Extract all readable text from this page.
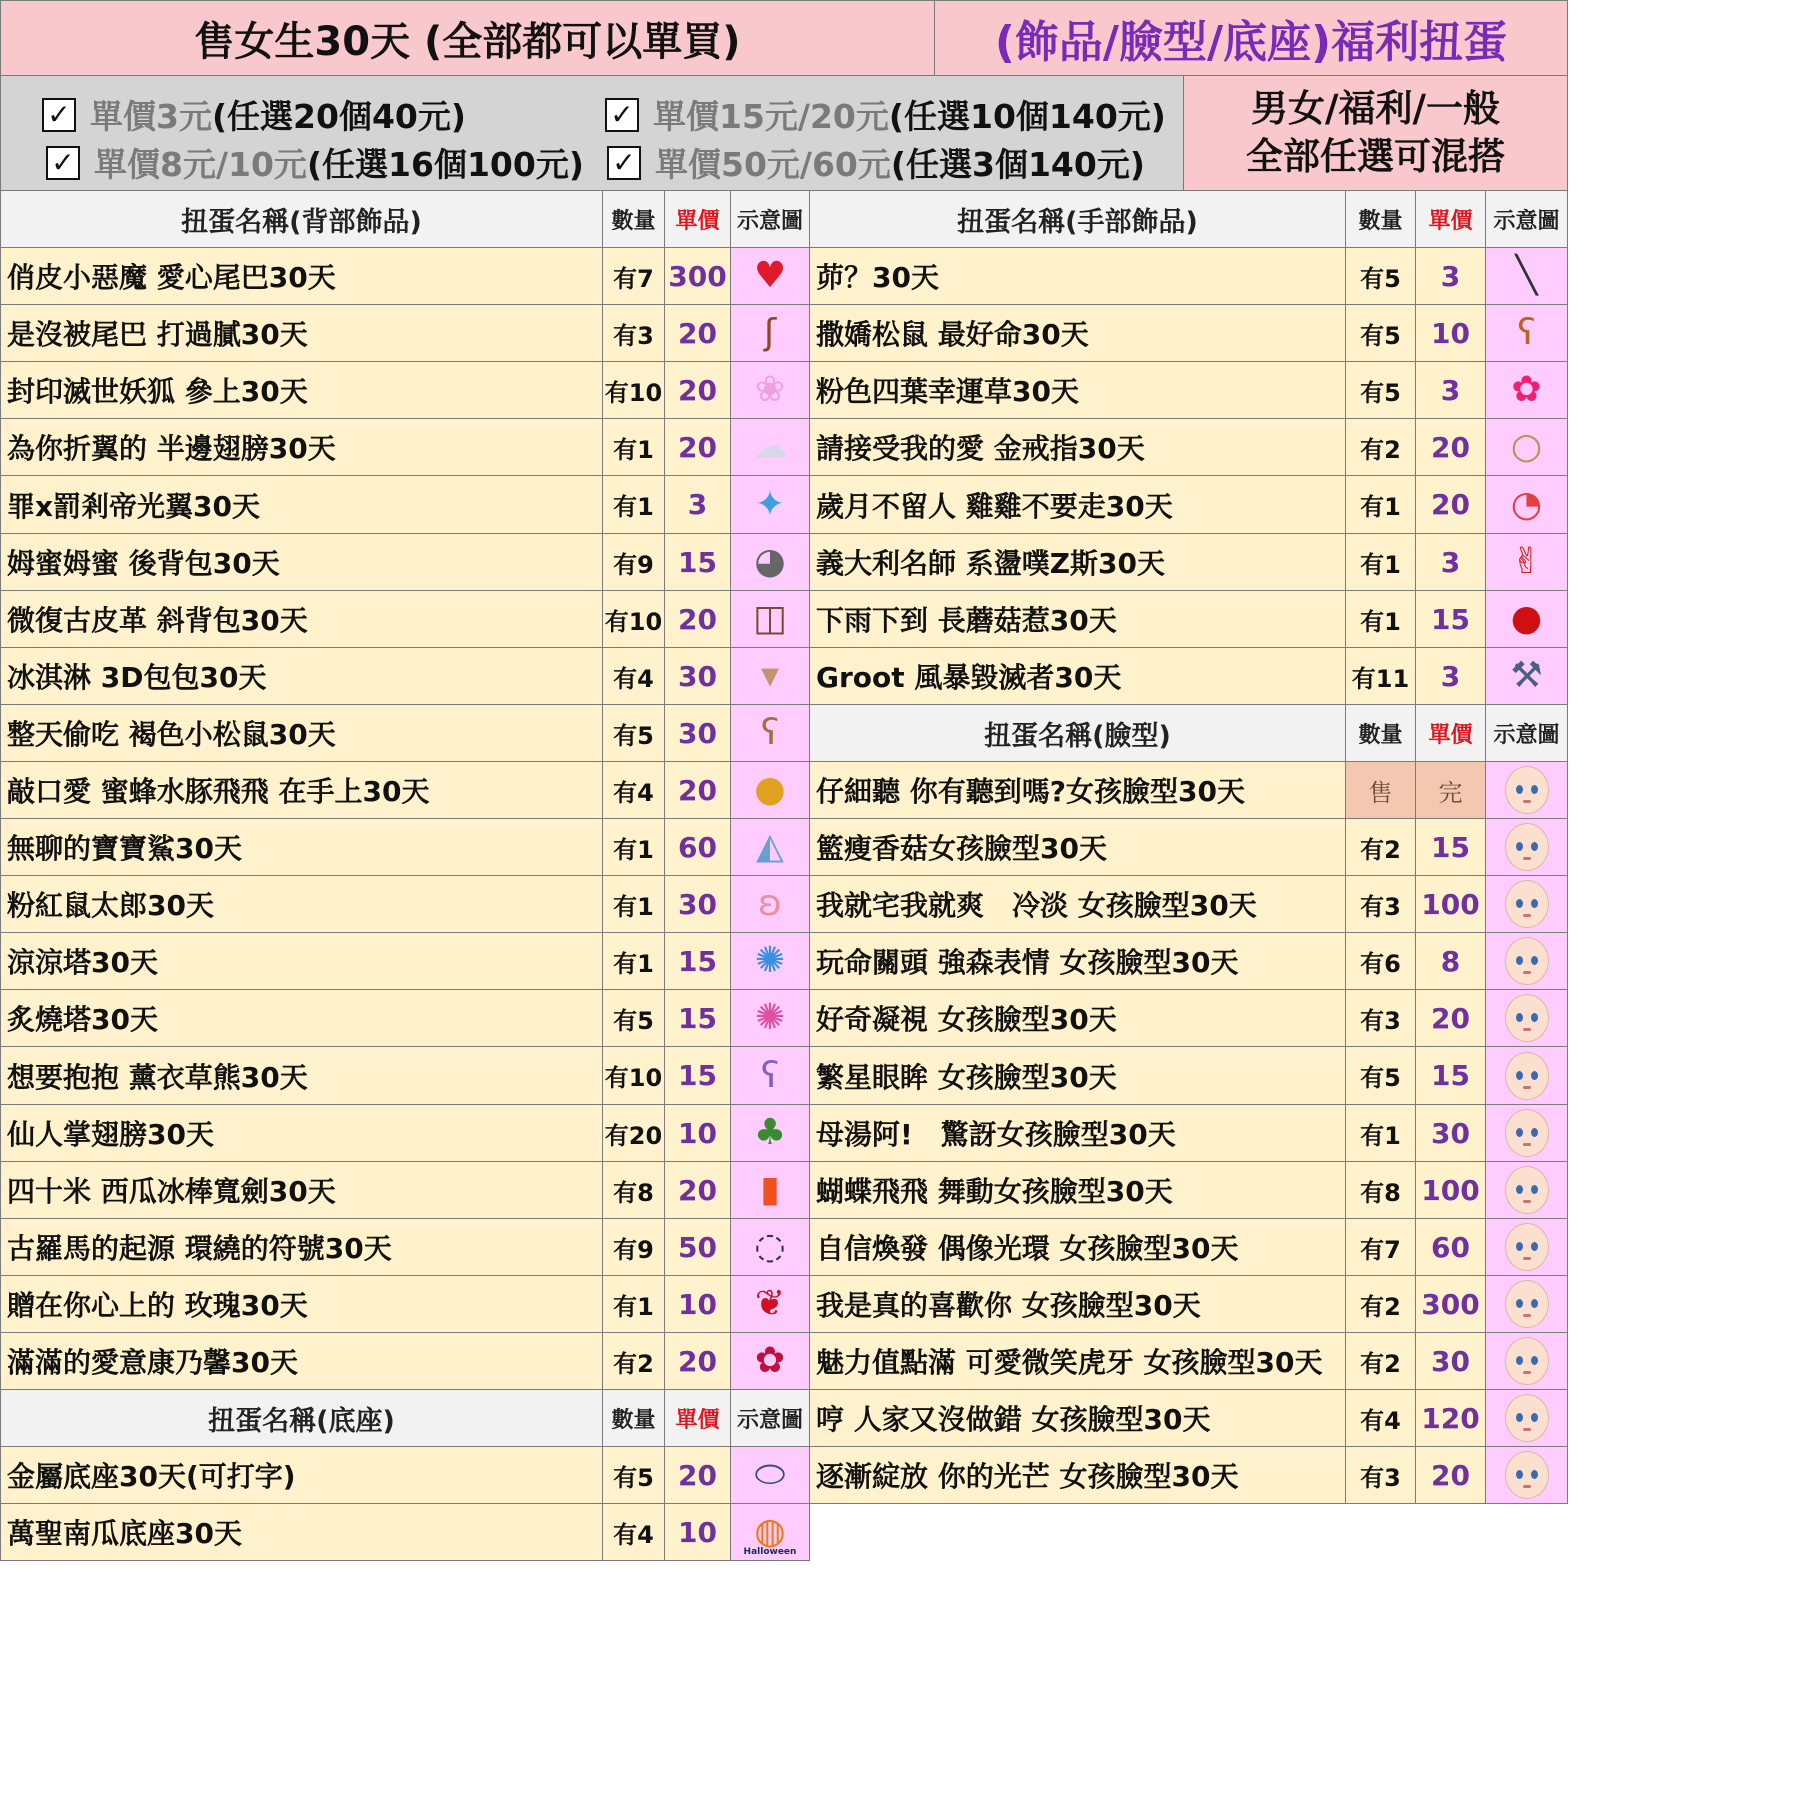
售女生30天 (全部都可以單買)	(飾品/臉型/底座)福利扭蛋
✓ 單價3元 (任選20個40元)
✓ 單價8元/10元 (任選16個100元)
✓ 單價15元/20元 (任選10個140元)
✓ 單價50元/60元 (任選3個140元)
男女/福利/一般
全部任選可混搭
扭蛋名稱(背部飾品)	數量 單價 示意圖	扭蛋名稱(手部飾品)	數量	單價 示意圖
俏皮小惡魔 愛心尾巴30天	有7 300 ♥
是沒被尾巴 打過膩30天	有3 20	ʃ
封印滅世妖狐 參上30天	有10 20	❀
為你折翼的 半邊翅膀30天	有1 20 ☁
罪x罰剎帝光翼30天	有1	3	✦
姆蜜姆蜜 後背包30天	有9 15	◕
微復古皮革 斜背包30天	有10 20	◫
冰淇淋 3D包包30天	有4 30	▾
整天偷吃 褐色小松鼠30天	有5 30	ʕ
敲口愛 蜜蜂水豚飛飛 在手上30天	有4 20	●
無聊的寶寶鯊30天	有1 60	◭
粉紅鼠太郎30天	有1 30	ʚ
涼涼塔30天	有1 15	✺
炙燒塔30天	有5 15	✺
想要抱抱 薰衣草熊30天	有10 15	ʕ
仙人掌翅膀30天	有20 10	♣
四十米 西瓜冰棒寬劍30天	有8 20	▮
古羅馬的起源 環繞的符號30天	有9 50	◌
贈在你心上的 玫瑰30天	有1 10	❦
滿滿的愛意康乃馨30天	有2 20	✿
扭蛋名稱(底座)	數量 單價 示意圖
金屬底座30天(可打字)	有5 20	⬭
萬聖南瓜底座30天	有4 10	◍
Halloween
茆？30天	有5	3	╲
撒嬌松鼠 最好命30天	有5	10	ʕ
粉色四葉幸運草30天	有5	3	✿
請接受我的愛 金戒指30天	有2	20	○
歲月不留人 雞雞不要走30天	有1	20	◔
義大利名師 系盪噗Z斯30天	有1	3	✌
下雨下到 長蘑菇惹30天	有1	15	●
Groot 風暴毀滅者30天	有11	3	⚒
扭蛋名稱(臉型)	數量	單價 示意圖
仔細聽 你有聽到嗎?女孩臉型30天	售	完
籃瘦香菇女孩臉型30天	有2	15
我就宅我就爽　冷淡 女孩臉型30天	有3 100
玩命關頭 強森表情 女孩臉型30天	有6	8
好奇凝視 女孩臉型30天	有3	20
繁星眼眸 女孩臉型30天	有5	15
母湯阿!　驚訝女孩臉型30天	有1	30
蝴蝶飛飛 舞動女孩臉型30天	有8 100
自信煥發 偶像光環 女孩臉型30天	有7	60
我是真的喜歡你 女孩臉型30天	有2 300
魅力值點滿 可愛微笑虎牙 女孩臉型30天	有2	30
哼 人家又沒做錯 女孩臉型30天	有4 120
逐漸綻放 你的光芒 女孩臉型30天	有3	20
